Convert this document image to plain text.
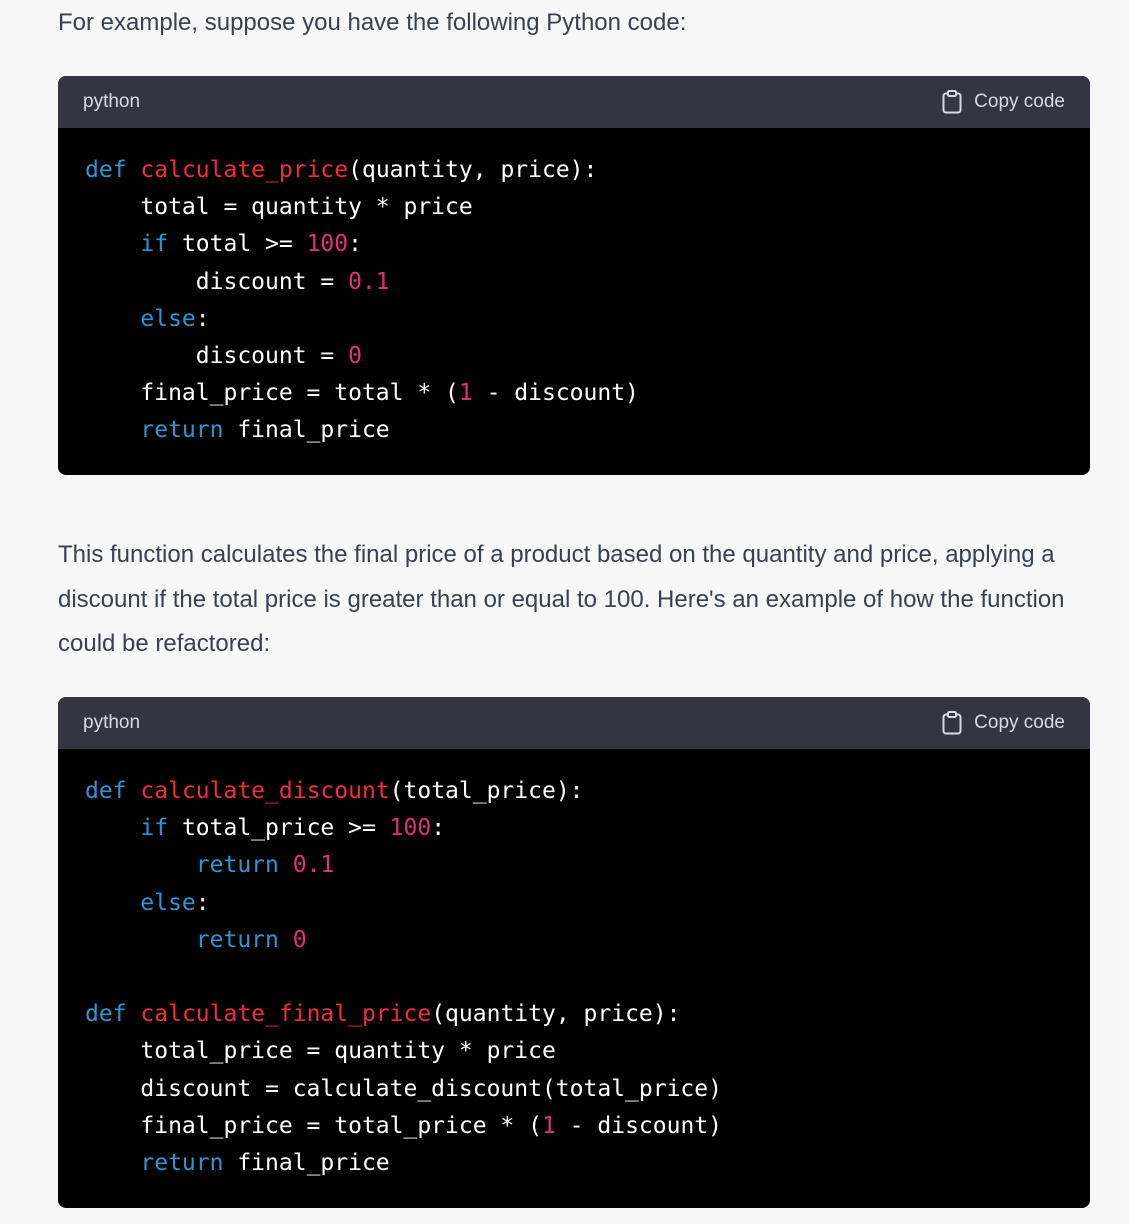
For example, suppose you have the following Python code:

python	Copy code
def calculate_price(quantity, price):
total = quantity * price
if total >= 100:
discount = 0.1
else:
discount = 0
final_price = total * (1 - discount)
return final_price

This function calculates the final price of a product based on the quantity and price, applying a discount if the total price is greater than or equal to 100. Here's an example of how the function could be refactored:

python	Copy code
def calculate_discount(total_price):
if total_price >= 100:
return 0.1
else:
return 0
def calculate_final_price(quantity, price):
total_price = quantity * price
discount = calculate_discount(total_price)
final_price = total_price * (1 - discount)
return final_price
